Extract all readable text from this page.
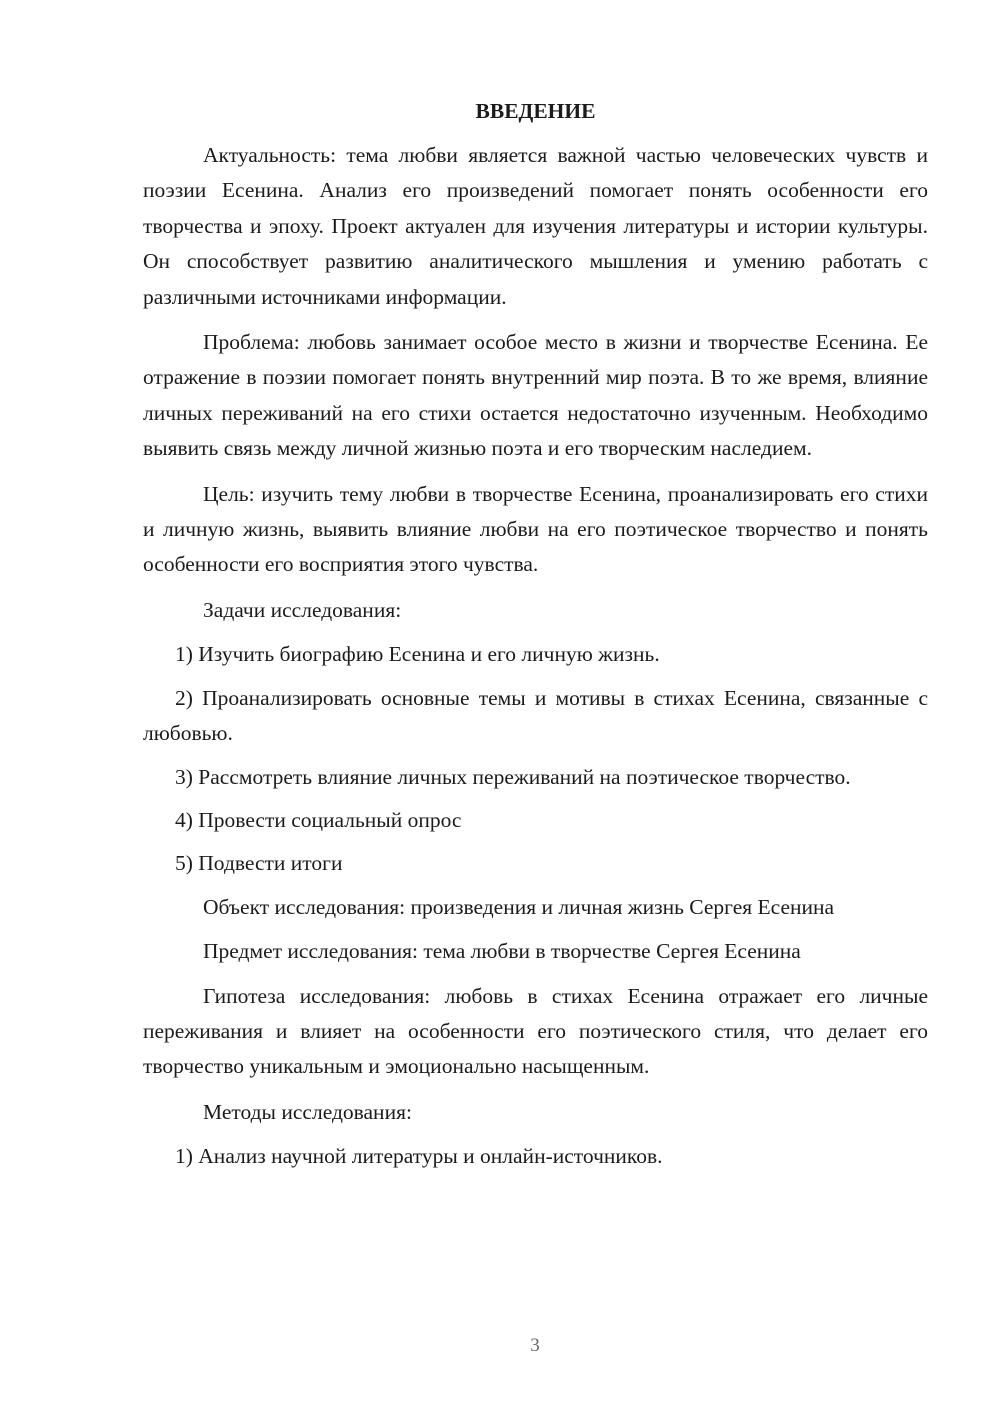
ВВЕДЕНИЕ

Актуальность: тема любви является важной частью человеческих чувств и поэзии Есенина. Анализ его произведений помогает понять особенности его творчества и эпоху. Проект актуален для изучения литературы и истории культуры. Он способствует развитию аналитического мышления и умению работать с различными источниками информации.

Проблема: любовь занимает особое место в жизни и творчестве Есенина. Ее отражение в поэзии помогает понять внутренний мир поэта. В то же время, влияние личных переживаний на его стихи остается недостаточно изученным. Необходимо выявить связь между личной жизнью поэта и его творческим наследием.

Цель: изучить тему любви в творчестве Есенина, проанализировать его стихи и личную жизнь, выявить влияние любви на его поэтическое творчество и понять особенности его восприятия этого чувства.

Задачи исследования:

1) Изучить биографию Есенина и его личную жизнь.

2) Проанализировать основные темы и мотивы в стихах Есенина, связанные с любовью.

3) Рассмотреть влияние личных переживаний на поэтическое творчество.

4) Провести социальный опрос

5) Подвести итоги

Объект исследования: произведения и личная жизнь Сергея Есенина

Предмет исследования: тема любви в творчестве Сергея Есенина

Гипотеза исследования: любовь в стихах Есенина отражает его личные переживания и влияет на особенности его поэтического стиля, что делает его творчество уникальным и эмоционально насыщенным.

Методы исследования:

1) Анализ научной литературы и онлайн-источников.

3
